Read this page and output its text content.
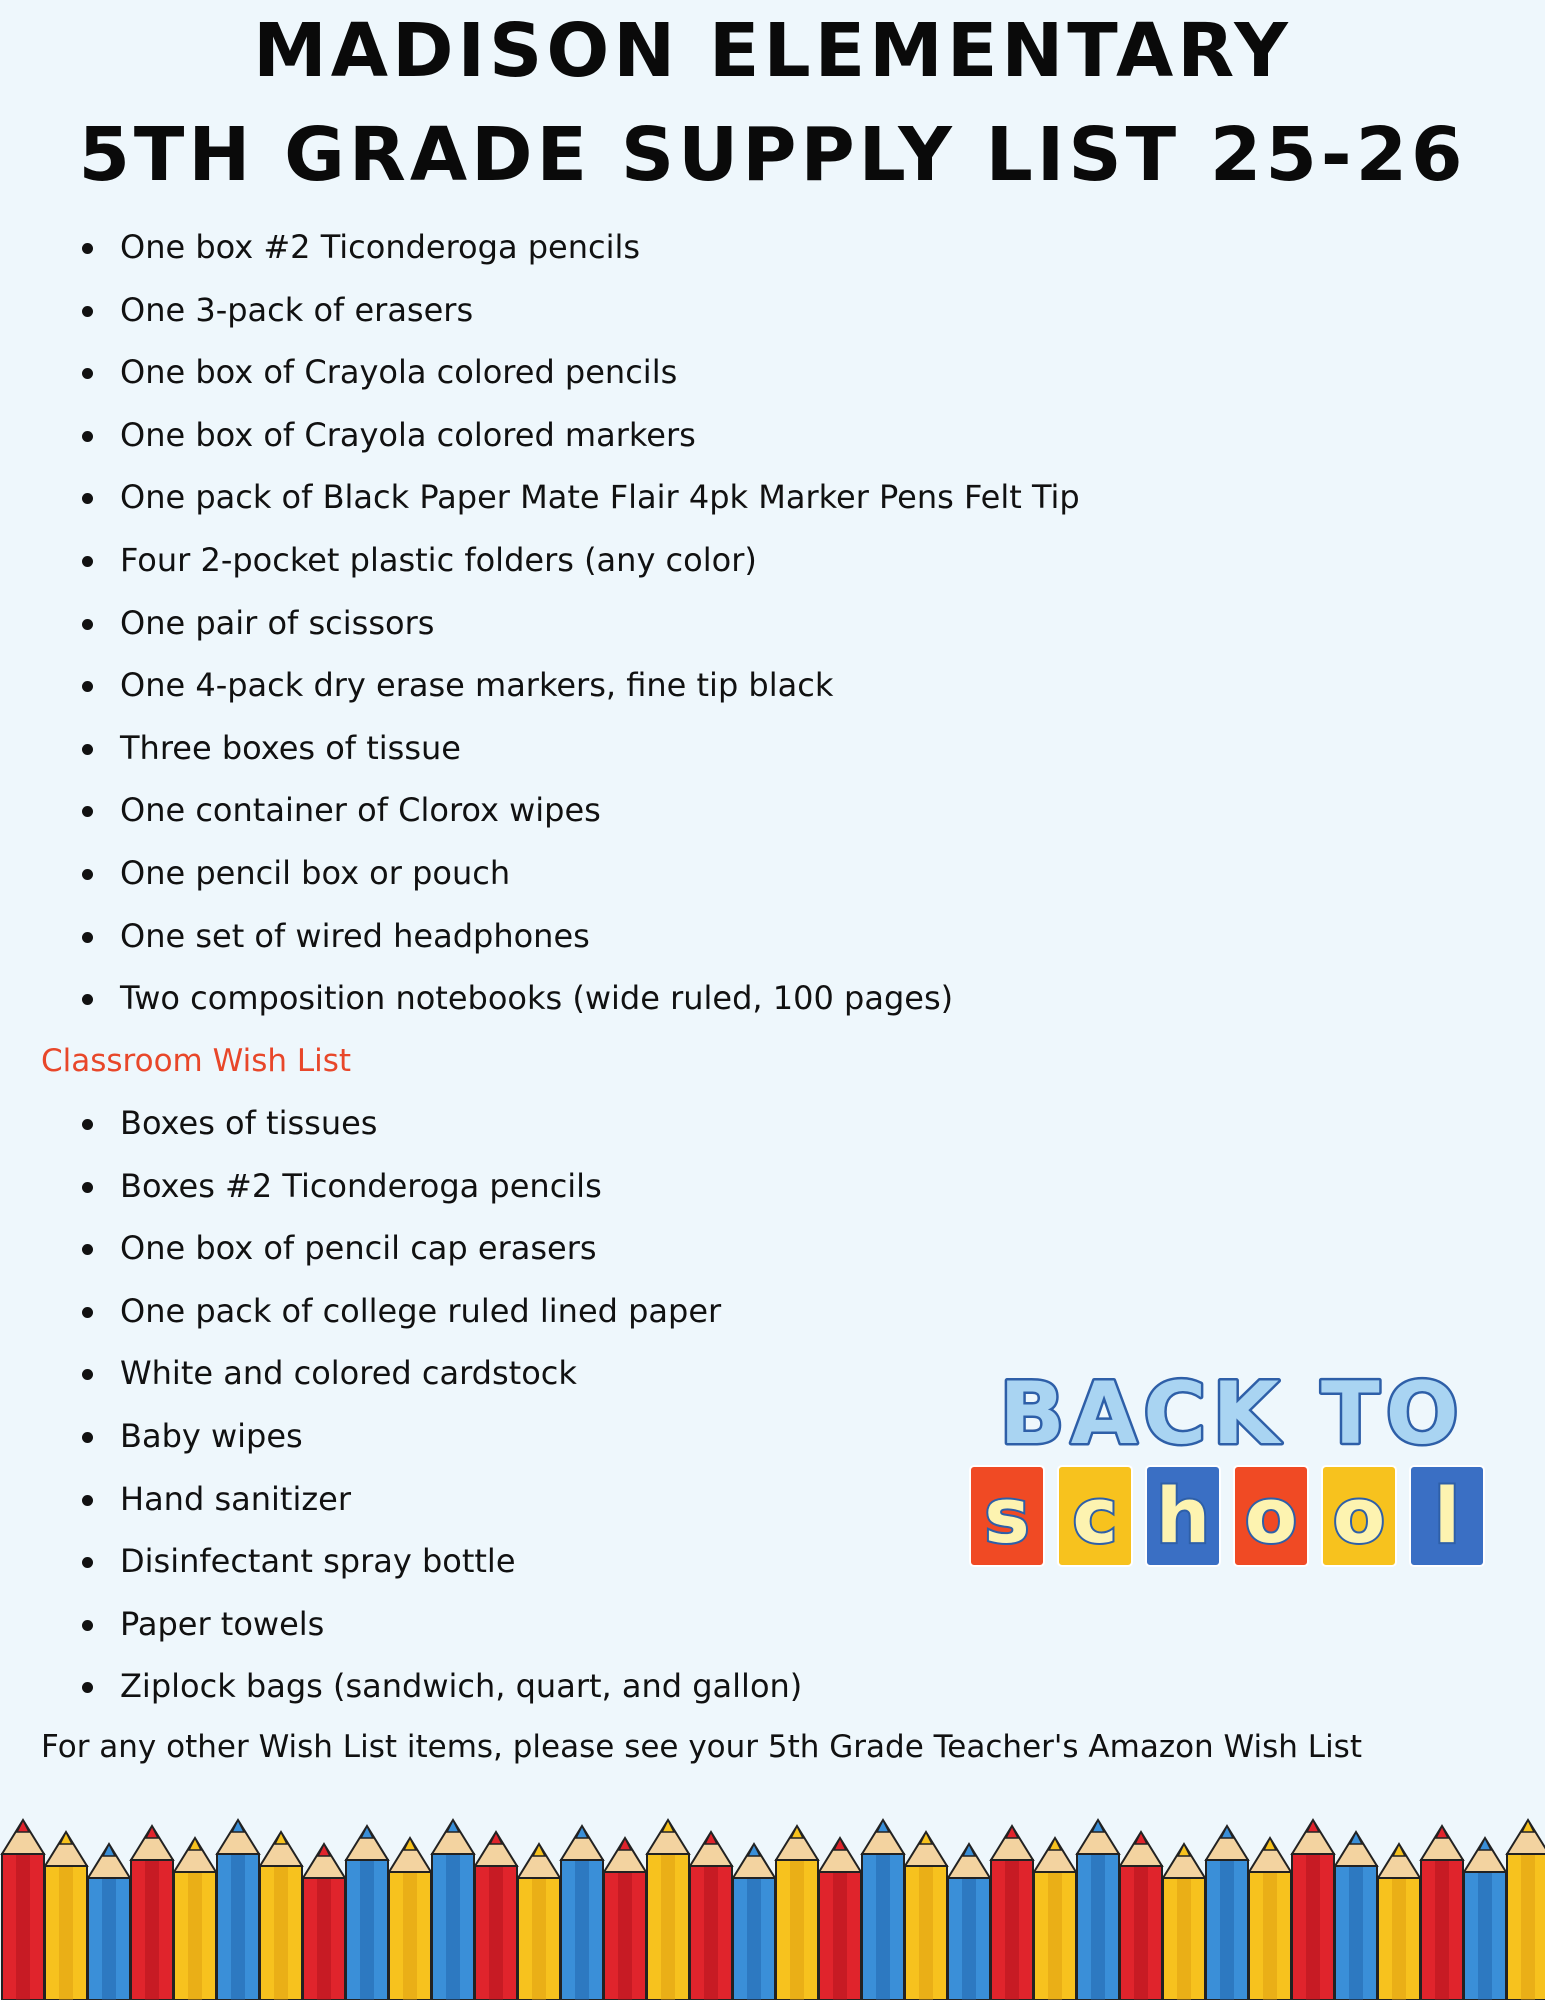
MADISON ELEMENTARY
5TH GRADE SUPPLY LIST 25-26
One box #2 Ticonderoga pencils
One 3-pack of erasers
One box of Crayola colored pencils
One box of Crayola colored markers
One pack of Black Paper Mate Flair 4pk Marker Pens Felt Tip
Four 2-pocket plastic folders (any color)
One pair of scissors
One 4-pack dry erase markers, fine tip black
Three boxes of tissue
One container of Clorox wipes
One pencil box or pouch
One set of wired headphones
Two composition notebooks (wide ruled, 100 pages)
Classroom Wish List
Boxes of tissues
Boxes #2 Ticonderoga pencils
One box of pencil cap erasers
One pack of college ruled lined paper
White and colored cardstock
Baby wipes
Hand sanitizer
Disinfectant spray bottle
Paper towels
Ziplock bags (sandwich, quart, and gallon)

For any other Wish List items, please see your 5th Grade Teacher's Amazon Wish List

BACK TO
s c h o o l
